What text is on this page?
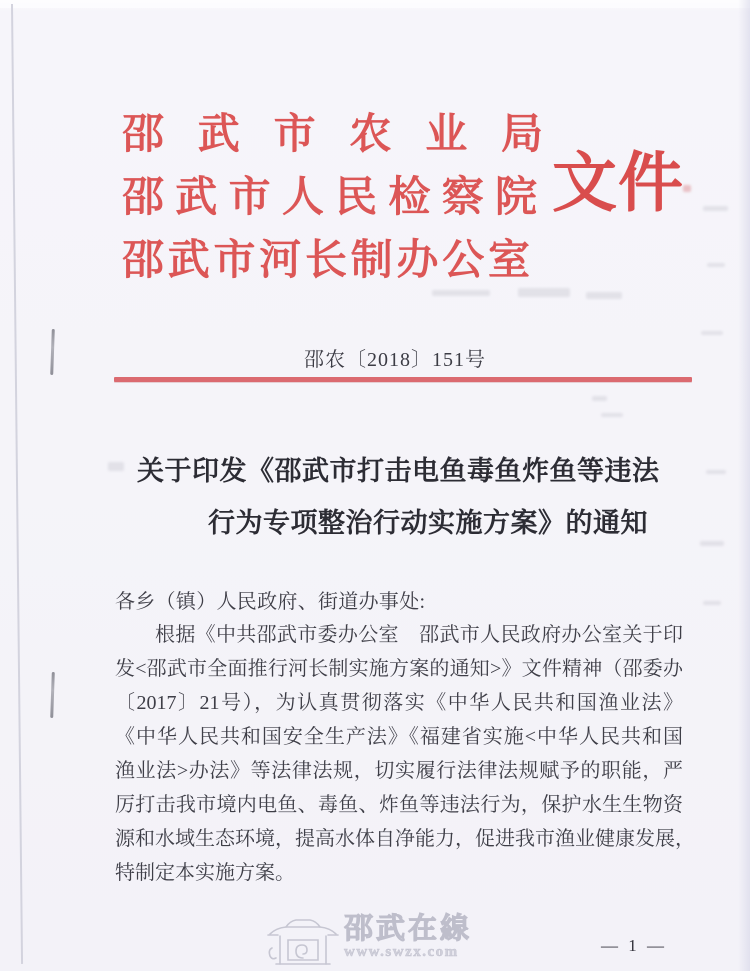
邵武市农业局
邵武市人民检察院
邵武市河长制办公室
文件
邵农〔2018〕151号
关于印发《邵武市打击电鱼毒鱼炸鱼等违法
行为专项整治行动实施方案》的通知
各乡（镇）人民政府、街道办事处:
根据《中共邵武市委办公室　邵武市人民政府办公室关于印
发<邵武市全面推行河长制实施方案的通知>》文件精神（邵委办
〔2017〕21号），为认真贯彻落实《中华人民共和国渔业法》
《中华人民共和国安全生产法》《福建省实施<中华人民共和国
渔业法>办法》等法律法规，切实履行法律法规赋予的职能，严
厉打击我市境内电鱼、毒鱼、炸鱼等违法行为，保护水生生物资
源和水域生态环境，提高水体自净能力，促进我市渔业健康发展，
特制定本实施方案。
邵武在線
www.swzx.com	— 1 —
